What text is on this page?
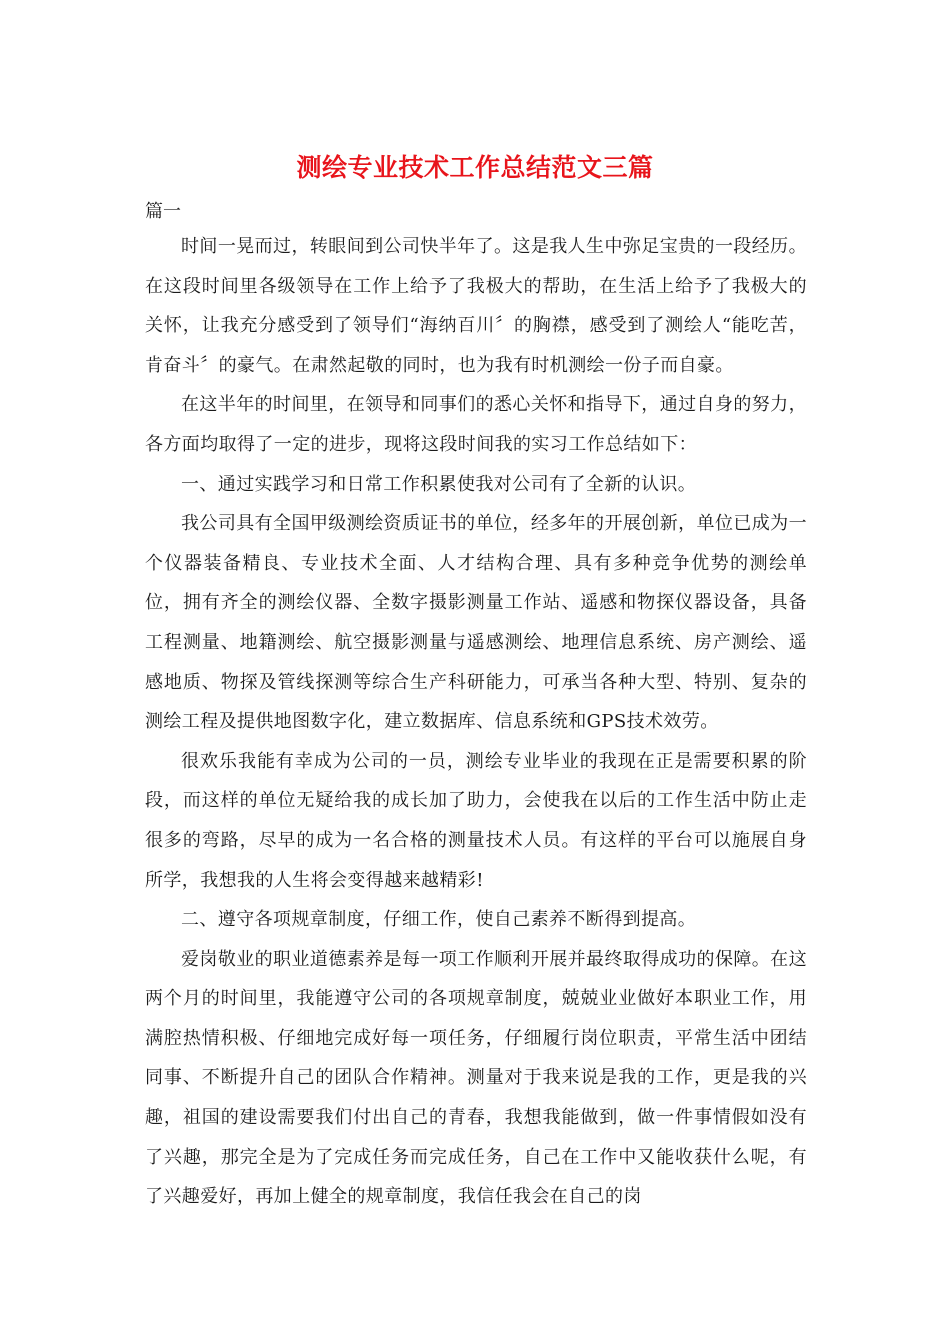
测绘专业技术工作总结范文三篇
篇一

时间一晃而过，转眼间到公司快半年了。这是我人生中弥足宝贵的一段经历。在这段时间里各级领导在工作上给予了我极大的帮助，在生活上给予了我极大的关怀，让我充分感受到了领导们“海纳百川〞的胸襟，感受到了测绘人“能吃苦，肯奋斗〞的豪气。在肃然起敬的同时，也为我有时机测绘一份子而自豪。

在这半年的时间里，在领导和同事们的悉心关怀和指导下，通过自身的努力，各方面均取得了一定的进步，现将这段时间我的实习工作总结如下：

一、通过实践学习和日常工作积累使我对公司有了全新的认识。

我公司具有全国甲级测绘资质证书的单位，经多年的开展创新，单位已成为一个仪器装备精良、专业技术全面、人才结构合理、具有多种竞争优势的测绘单位，拥有齐全的测绘仪器、全数字摄影测量工作站、遥感和物探仪器设备，具备工程测量、地籍测绘、航空摄影测量与遥感测绘、地理信息系统、房产测绘、遥感地质、物探及管线探测等综合生产科研能力，可承当各种大型、特别、复杂的测绘工程及提供地图数字化，建立数据库、信息系统和GPS技术效劳。

很欢乐我能有幸成为公司的一员，测绘专业毕业的我现在正是需要积累的阶段，而这样的单位无疑给我的成长加了助力，会使我在以后的工作生活中防止走很多的弯路，尽早的成为一名合格的测量技术人员。有这样的平台可以施展自身所学，我想我的人生将会变得越来越精彩!

二、遵守各项规章制度，仔细工作，使自己素养不断得到提高。

爱岗敬业的职业道德素养是每一项工作顺利开展并最终取得成功的保障。在这两个月的时间里，我能遵守公司的各项规章制度，兢兢业业做好本职业工作，用满腔热情积极、仔细地完成好每一项任务，仔细履行岗位职责，平常生活中团结同事、不断提升自己的团队合作精神。测量对于我来说是我的工作，更是我的兴趣，祖国的建设需要我们付出自己的青春，我想我能做到，做一件事情假如没有了兴趣，那完全是为了完成任务而完成任务，自己在工作中又能收获什么呢，有了兴趣爱好，再加上健全的规章制度，我信任我会在自己的岗
